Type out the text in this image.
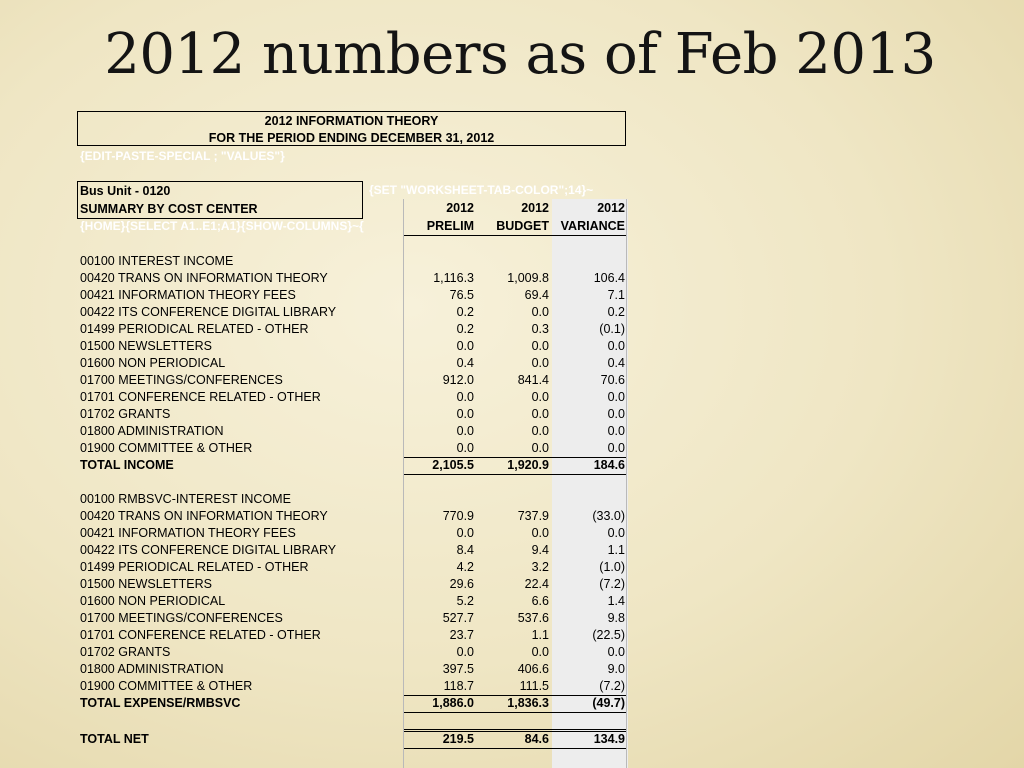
2012 numbers as of Feb 2013
2012 INFORMATION THEORY
FOR THE PERIOD ENDING DECEMBER 31, 2012
{EDIT-PASTE-SPECIAL ; "VALUES"}
{SET "WORKSHEET-TAB-COLOR";14}~
{HOME}{SELECT A1..E1;A1}{SHOW-COLUMNS}~{
Bus Unit - 0120
SUMMARY BY COST CENTER	2012	2012	2012
PRELIM BUDGET VARIANCE
00100 INTEREST INCOME
00420 TRANS ON INFORMATION THEORY	1,116.3	1,009.8	106.4
00421 INFORMATION THEORY FEES	76.5	69.4	7.1
00422 ITS CONFERENCE DIGITAL LIBRARY	0.2	0.0	0.2
01499 PERIODICAL RELATED - OTHER	0.2	0.3	(0.1)
01500 NEWSLETTERS	0.0	0.0	0.0
01600 NON PERIODICAL	0.4	0.0	0.4
01700 MEETINGS/CONFERENCES	912.0	841.4	70.6
01701 CONFERENCE RELATED - OTHER	0.0	0.0	0.0
01702 GRANTS	0.0	0.0	0.0
01800 ADMINISTRATION	0.0	0.0	0.0
01900 COMMITTEE & OTHER	0.0	0.0	0.0
TOTAL INCOME	2,105.5	1,920.9	184.6
00100 RMBSVC-INTEREST INCOME
00420 TRANS ON INFORMATION THEORY	770.9	737.9	(33.0)
00421 INFORMATION THEORY FEES	0.0	0.0	0.0
00422 ITS CONFERENCE DIGITAL LIBRARY	8.4	9.4	1.1
01499 PERIODICAL RELATED - OTHER	4.2	3.2	(1.0)
01500 NEWSLETTERS	29.6	22.4	(7.2)
01600 NON PERIODICAL	5.2	6.6	1.4
01700 MEETINGS/CONFERENCES	527.7	537.6	9.8
01701 CONFERENCE RELATED - OTHER	23.7	1.1	(22.5)
01702 GRANTS	0.0	0.0	0.0
01800 ADMINISTRATION	397.5	406.6	9.0
01900 COMMITTEE & OTHER	118.7	111.5	(7.2)
TOTAL EXPENSE/RMBSVC	1,886.0	1,836.3	(49.7)
TOTAL NET	219.5	84.6	134.9
